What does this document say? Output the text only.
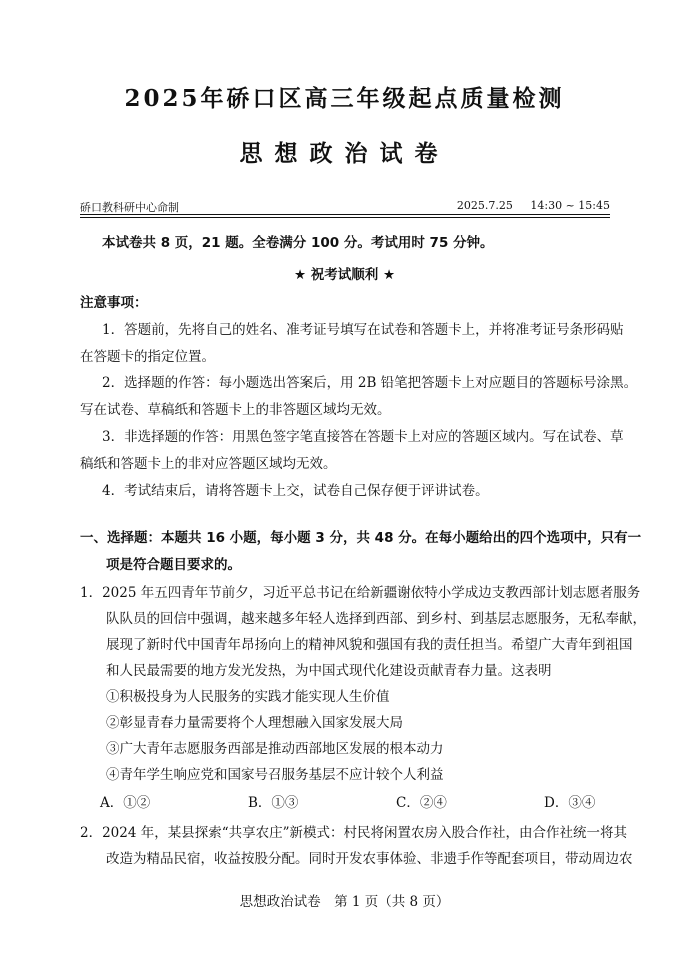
2025年硚口区高三年级起点质量检测
思想政治试卷
硚口教科研中心命制	2025.7.25 14:30 ~ 15:45
本试卷共 8 页，21 题。全卷满分 100 分。考试用时 75 分钟。
★ 祝考试顺利 ★
注意事项：
1．答题前，先将自己的姓名、准考证号填写在试卷和答题卡上，并将准考证号条形码贴
在答题卡的指定位置。
2．选择题的作答：每小题选出答案后，用 2B 铅笔把答题卡上对应题目的答题标号涂黑。
写在试卷、草稿纸和答题卡上的非答题区域均无效。
3．非选择题的作答：用黑色签字笔直接答在答题卡上对应的答题区域内。写在试卷、草
稿纸和答题卡上的非对应答题区域均无效。
4．考试结束后，请将答题卡上交，试卷自己保存便于评讲试卷。
一、选择题：本题共 16 小题，每小题 3 分，共 48 分。在每小题给出的四个选项中，只有一
项是符合题目要求的。
1．2025 年五四青年节前夕，习近平总书记在给新疆谢依特小学成边支教西部计划志愿者服务
队队员的回信中强调，越来越多年轻人选择到西部、到乡村、到基层志愿服务，无私奉献，
展现了新时代中国青年昂扬向上的精神风貌和强国有我的责任担当。希望广大青年到祖国
和人民最需要的地方发光发热，为中国式现代化建设贡献青春力量。这表明
①积极投身为人民服务的实践才能实现人生价值
②彰显青春力量需要将个人理想融入国家发展大局
③广大青年志愿服务西部是推动西部地区发展的根本动力
④青年学生响应党和国家号召服务基层不应计较个人利益
A．①②	B．①③	C．②④	D．③④
2．2024 年，某县探索“共享农庄”新模式：村民将闲置农房入股合作社，由合作社统一将其
改造为精品民宿，收益按股分配。同时开发农事体验、非遗手作等配套项目，带动周边农
思想政治试卷　第 1 页（共 8 页）
